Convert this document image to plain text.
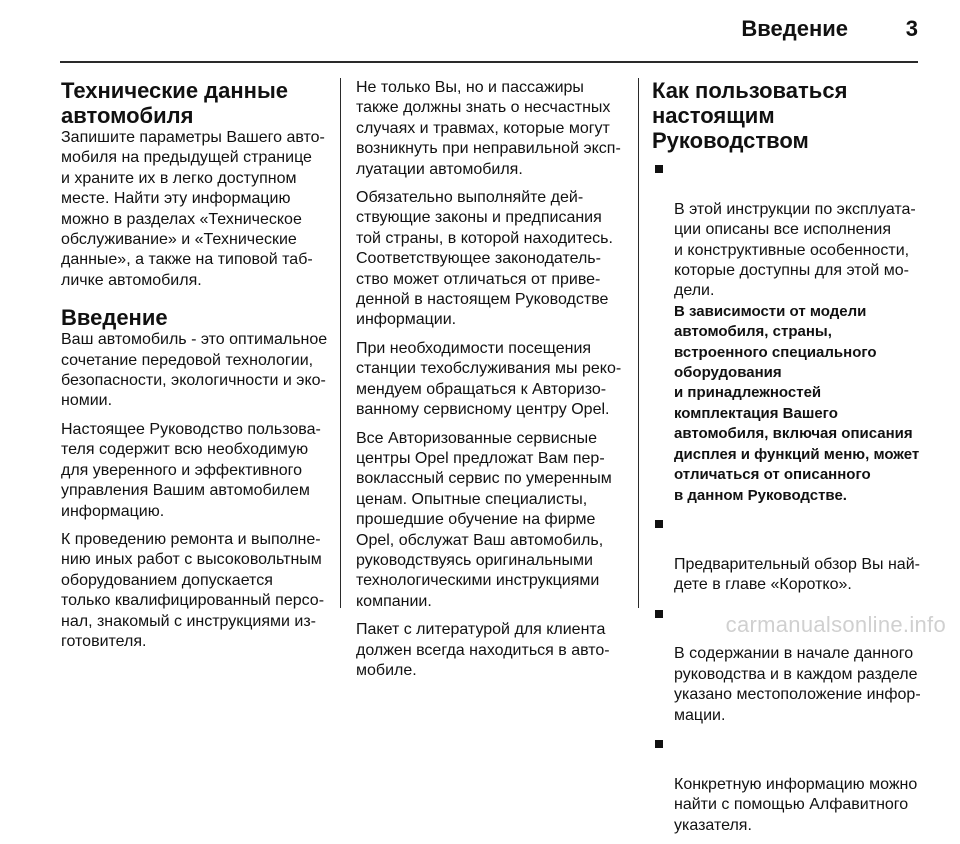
Введение	3
Технические данные автомобиля

Запишите параметры Вашего авто-
мобиля на предыдущей странице
и храните их в легко доступном
месте. Найти эту информацию
можно в разделах «Техническое
обслуживание» и «Технические
данные», а также на типовой таб-
личке автомобиля.

Введение

Ваш автомобиль - это оптимальное
сочетание передовой технологии,
безопасности, экологичности и эко-
номии.

Настоящее Руководство пользова-
теля содержит всю необходимую
для уверенного и эффективного
управления Вашим автомобилем
информацию.

К проведению ремонта и выполне-
нию иных работ с высоковольтным
оборудованием допускается
только квалифицированный персо-
нал, знакомый с инструкциями из-
готовителя.

Не только Вы, но и пассажиры
также должны знать о несчастных
случаях и травмах, которые могут
возникнуть при неправильной эксп-
луатации автомобиля.

Обязательно выполняйте дей-
ствующие законы и предписания
той страны, в которой находитесь.
Соответствующее законодатель-
ство может отличаться от приве-
денной в настоящем Руководстве
информации.

При необходимости посещения
станции техобслуживания мы реко-
мендуем обращаться к Авторизо-
ванному сервисному центру Opel.

Все Авторизованные сервисные
центры Opel предложат Вам пер-
воклассный сервис по умеренным
ценам. Опытные специалисты,
прошедшие обучение на фирме
Opel, обслужат Ваш автомобиль,
руководствуясь оригинальными
технологическими инструкциями
компании.

Пакет с литературой для клиента
должен всегда находиться в авто-
мобиле.

Как пользоваться
настоящим
Руководством

В этой инструкции по эксплуата-
ции описаны все исполнения
и конструктивные особенности,
которые доступны для этой мо-
дели.
В зависимости от модели
автомобиля, страны,
встроенного специального
оборудования
и принадлежностей
комплектация Вашего
автомобиля, включая описания
дисплея и функций меню, может
отличаться от описанного
в данном Руководстве.

Предварительный обзор Вы най-
дете в главе «Коротко».

В содержании в начале данного
руководства и в каждом разделе
указано местоположение инфор-
мации.

Конкретную информацию можно
найти с помощью Алфавитного
указателя.

carmanualsonline.info
